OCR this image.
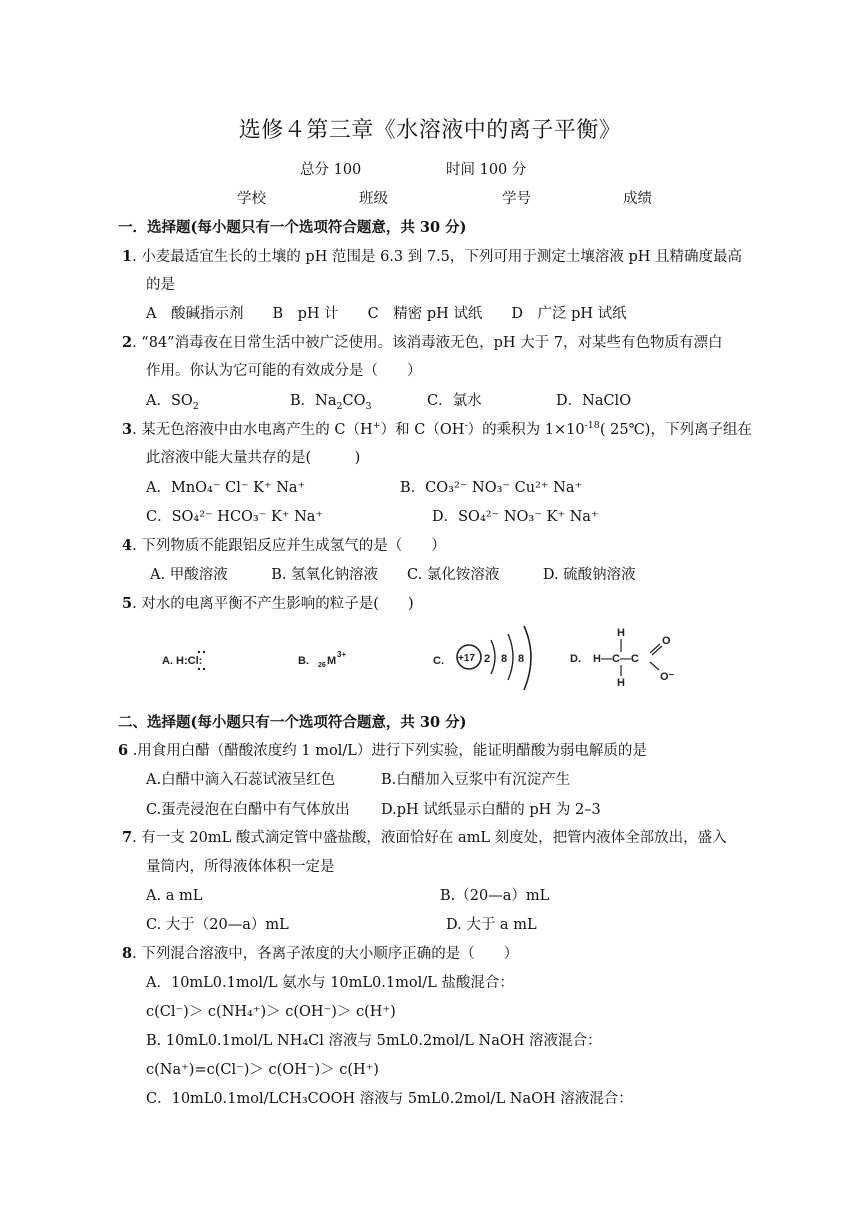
选修４第三章《水溶液中的离子平衡》
总分 100	时间 100 分
学校	班级	学号	成绩
一．选择题(每小题只有一个选项符合题意，共 30 分)
1. 小麦最适宜生长的土壤的 pH 范围是 6.3 到 7.5，下列可用于测定土壤溶液 pH 且精确度最高
的是
A　酸碱指示剂　　B　pH 计　　C　精密 pH 试纸　　D　广泛 pH 试纸
2. “84”消毒夜在日常生活中被广泛使用。该消毒液无色，pH 大于 7，对某些有色物质有漂白
作用。你认为它可能的有效成分是（　　）
A．$SO_2$	B．$Na_2CO_3$	C．氯水	D．NaClO
3. 某无色溶液中由水电离产生的 C（H+）和 C（OH-）的乘积为 $1\times 10^{-18}$( 25℃)，下列离子组在
此溶液中能大量共存的是(　　　)
A．MnO₄⁻ Cl⁻ K⁺ Na⁺	B．CO₃²⁻ NO₃⁻ Cu²⁺ Na⁺
C．SO₄²⁻ HCO₃⁻ K⁺ Na⁺	D．SO₄²⁻ NO₃⁻ K⁺ Na⁺
4. 下列物质不能跟铝反应并生成氢气的是（　　）
A. 甲酸溶液　　　B. 氢氧化钠溶液　　C. 氯化铵溶液　　　D. 硫酸钠溶液
5. 对水的电离平衡不产生影响的粒子是(　　)
A. H:Cl:	B. 26 M
3+
C. +17 2 8 8	D. H—C—C
H
H
O
O⁻
二、选择题(每小题只有一个选项符合题意，共 30 分)
6 .用食用白醋（醋酸浓度约 1 mol/L）进行下列实验，能证明醋酸为弱电解质的是
A.白醋中滴入石蕊试液呈红色	B.白醋加入豆浆中有沉淀产生
C.蛋壳浸泡在白醋中有气体放出 D.pH 试纸显示白醋的 pH 为 2–3
7. 有一支 20mL 酸式滴定管中盛盐酸，液面恰好在 amL 刻度处，把管内液体全部放出，盛入
量筒内，所得液体体积一定是
A. a mL	B.（20—a）mL
C. 大于（20—a）mL	D. 大于 a mL
8. 下列混合溶液中，各离子浓度的大小顺序正确的是（　　）
A．10mL0.1mol/L 氨水与 10mL0.1mol/L 盐酸混合：
c(Cl⁻)＞ c(NH₄⁺)＞ c(OH⁻)＞ c(H⁺)
B. 10mL0.1mol/L NH₄Cl 溶液与 5mL0.2mol/L NaOH 溶液混合：
c(Na⁺)=c(Cl⁻)＞ c(OH⁻)＞ c(H⁺)
C．10mL0.1mol/LCH₃COOH 溶液与 5mL0.2mol/L NaOH 溶液混合：
